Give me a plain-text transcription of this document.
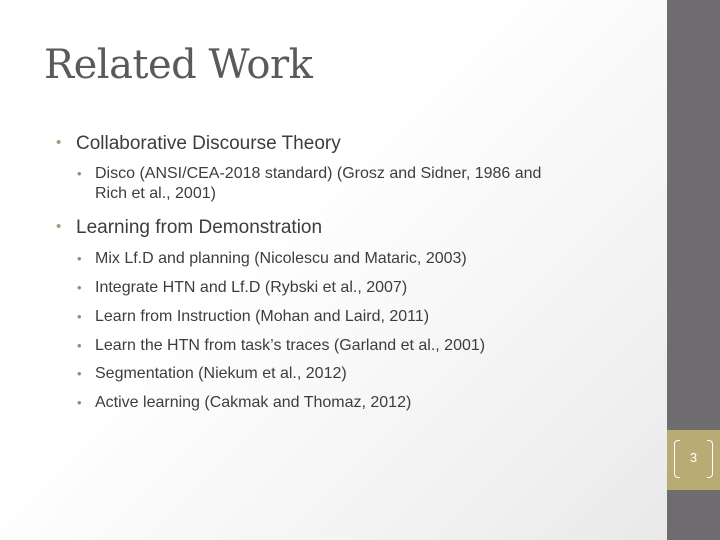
Related Work
• Collaborative Discourse Theory
• Disco (ANSI/CEA-2018 standard) (Grosz and Sidner, 1986 and
Rich et al., 2001)
• Learning from Demonstration
• Mix Lf.D and planning (Nicolescu and Mataric, 2003)
• Integrate HTN and Lf.D (Rybski et al., 2007)
• Learn from Instruction (Mohan and Laird, 2011)
• Learn the HTN from task’s traces (Garland et al., 2001)
• Segmentation (Niekum et al., 2012)
• Active learning (Cakmak and Thomaz, 2012)
3
